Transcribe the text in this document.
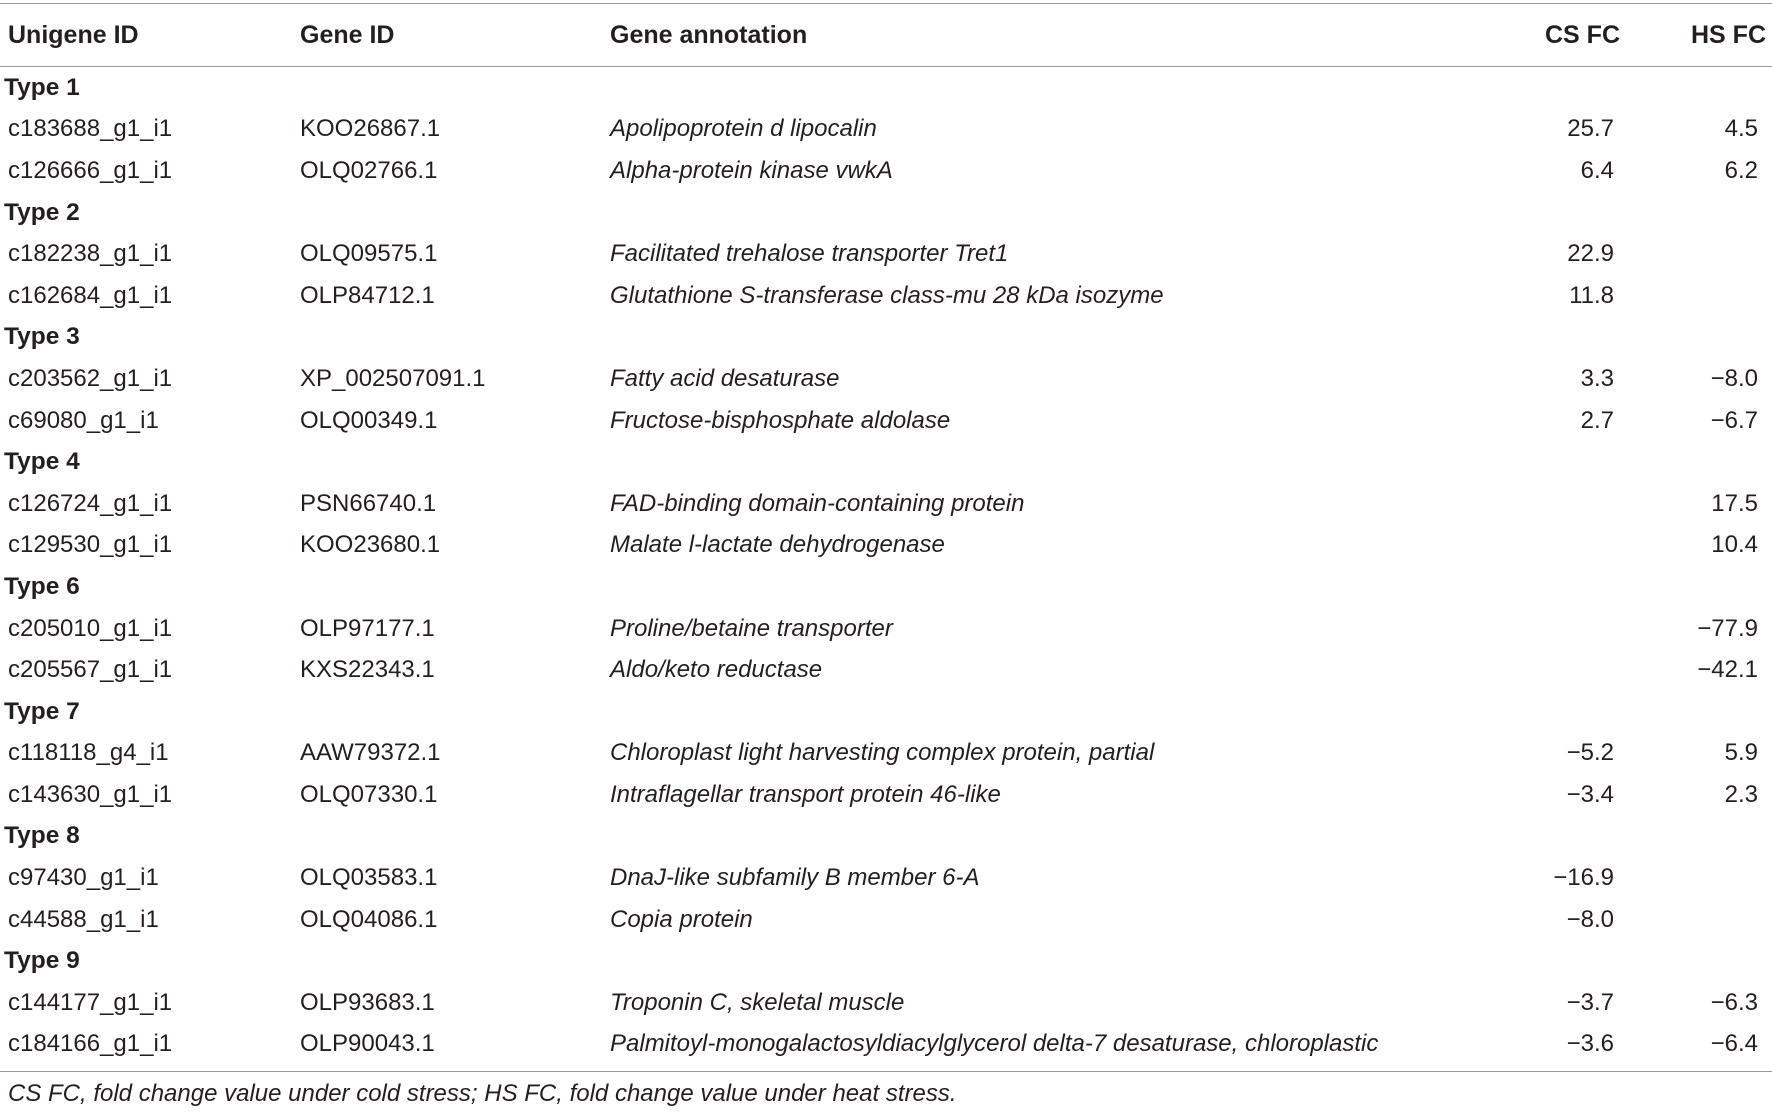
Unigene ID	Gene ID	Gene annotation	CS FC	HS FC
Type 1				
c183688_g1_i1	KOO26867.1	Apolipoprotein d lipocalin	25.7	4.5
c126666_g1_i1	OLQ02766.1	Alpha-protein kinase vwkA	6.4	6.2
Type 2				
c182238_g1_i1	OLQ09575.1	Facilitated trehalose transporter Tret1	22.9	
c162684_g1_i1	OLP84712.1	Glutathione S-transferase class-mu 28 kDa isozyme	11.8	
Type 3				
c203562_g1_i1	XP_002507091.1	Fatty acid desaturase	3.3	−8.0
c69080_g1_i1	OLQ00349.1	Fructose-bisphosphate aldolase	2.7	−6.7
Type 4				
c126724_g1_i1	PSN66740.1	FAD-binding domain-containing protein		17.5
c129530_g1_i1	KOO23680.1	Malate l-lactate dehydrogenase		10.4
Type 6				
c205010_g1_i1	OLP97177.1	Proline/betaine transporter		−77.9
c205567_g1_i1	KXS22343.1	Aldo/keto reductase		−42.1
Type 7				
c118118_g4_i1	AAW79372.1	Chloroplast light harvesting complex protein, partial	−5.2	5.9
c143630_g1_i1	OLQ07330.1	Intraflagellar transport protein 46-like	−3.4	2.3
Type 8				
c97430_g1_i1	OLQ03583.1	DnaJ-like subfamily B member 6-A	−16.9	
c44588_g1_i1	OLQ04086.1	Copia protein	−8.0	
Type 9				
c144177_g1_i1	OLP93683.1	Troponin C, skeletal muscle	−3.7	−6.3
c184166_g1_i1	OLP90043.1	Palmitoyl-monogalactosyldiacylglycerol delta-7 desaturase, chloroplastic	−3.6	−6.4
CS FC, fold change value under cold stress; HS FC, fold change value under heat stress.
